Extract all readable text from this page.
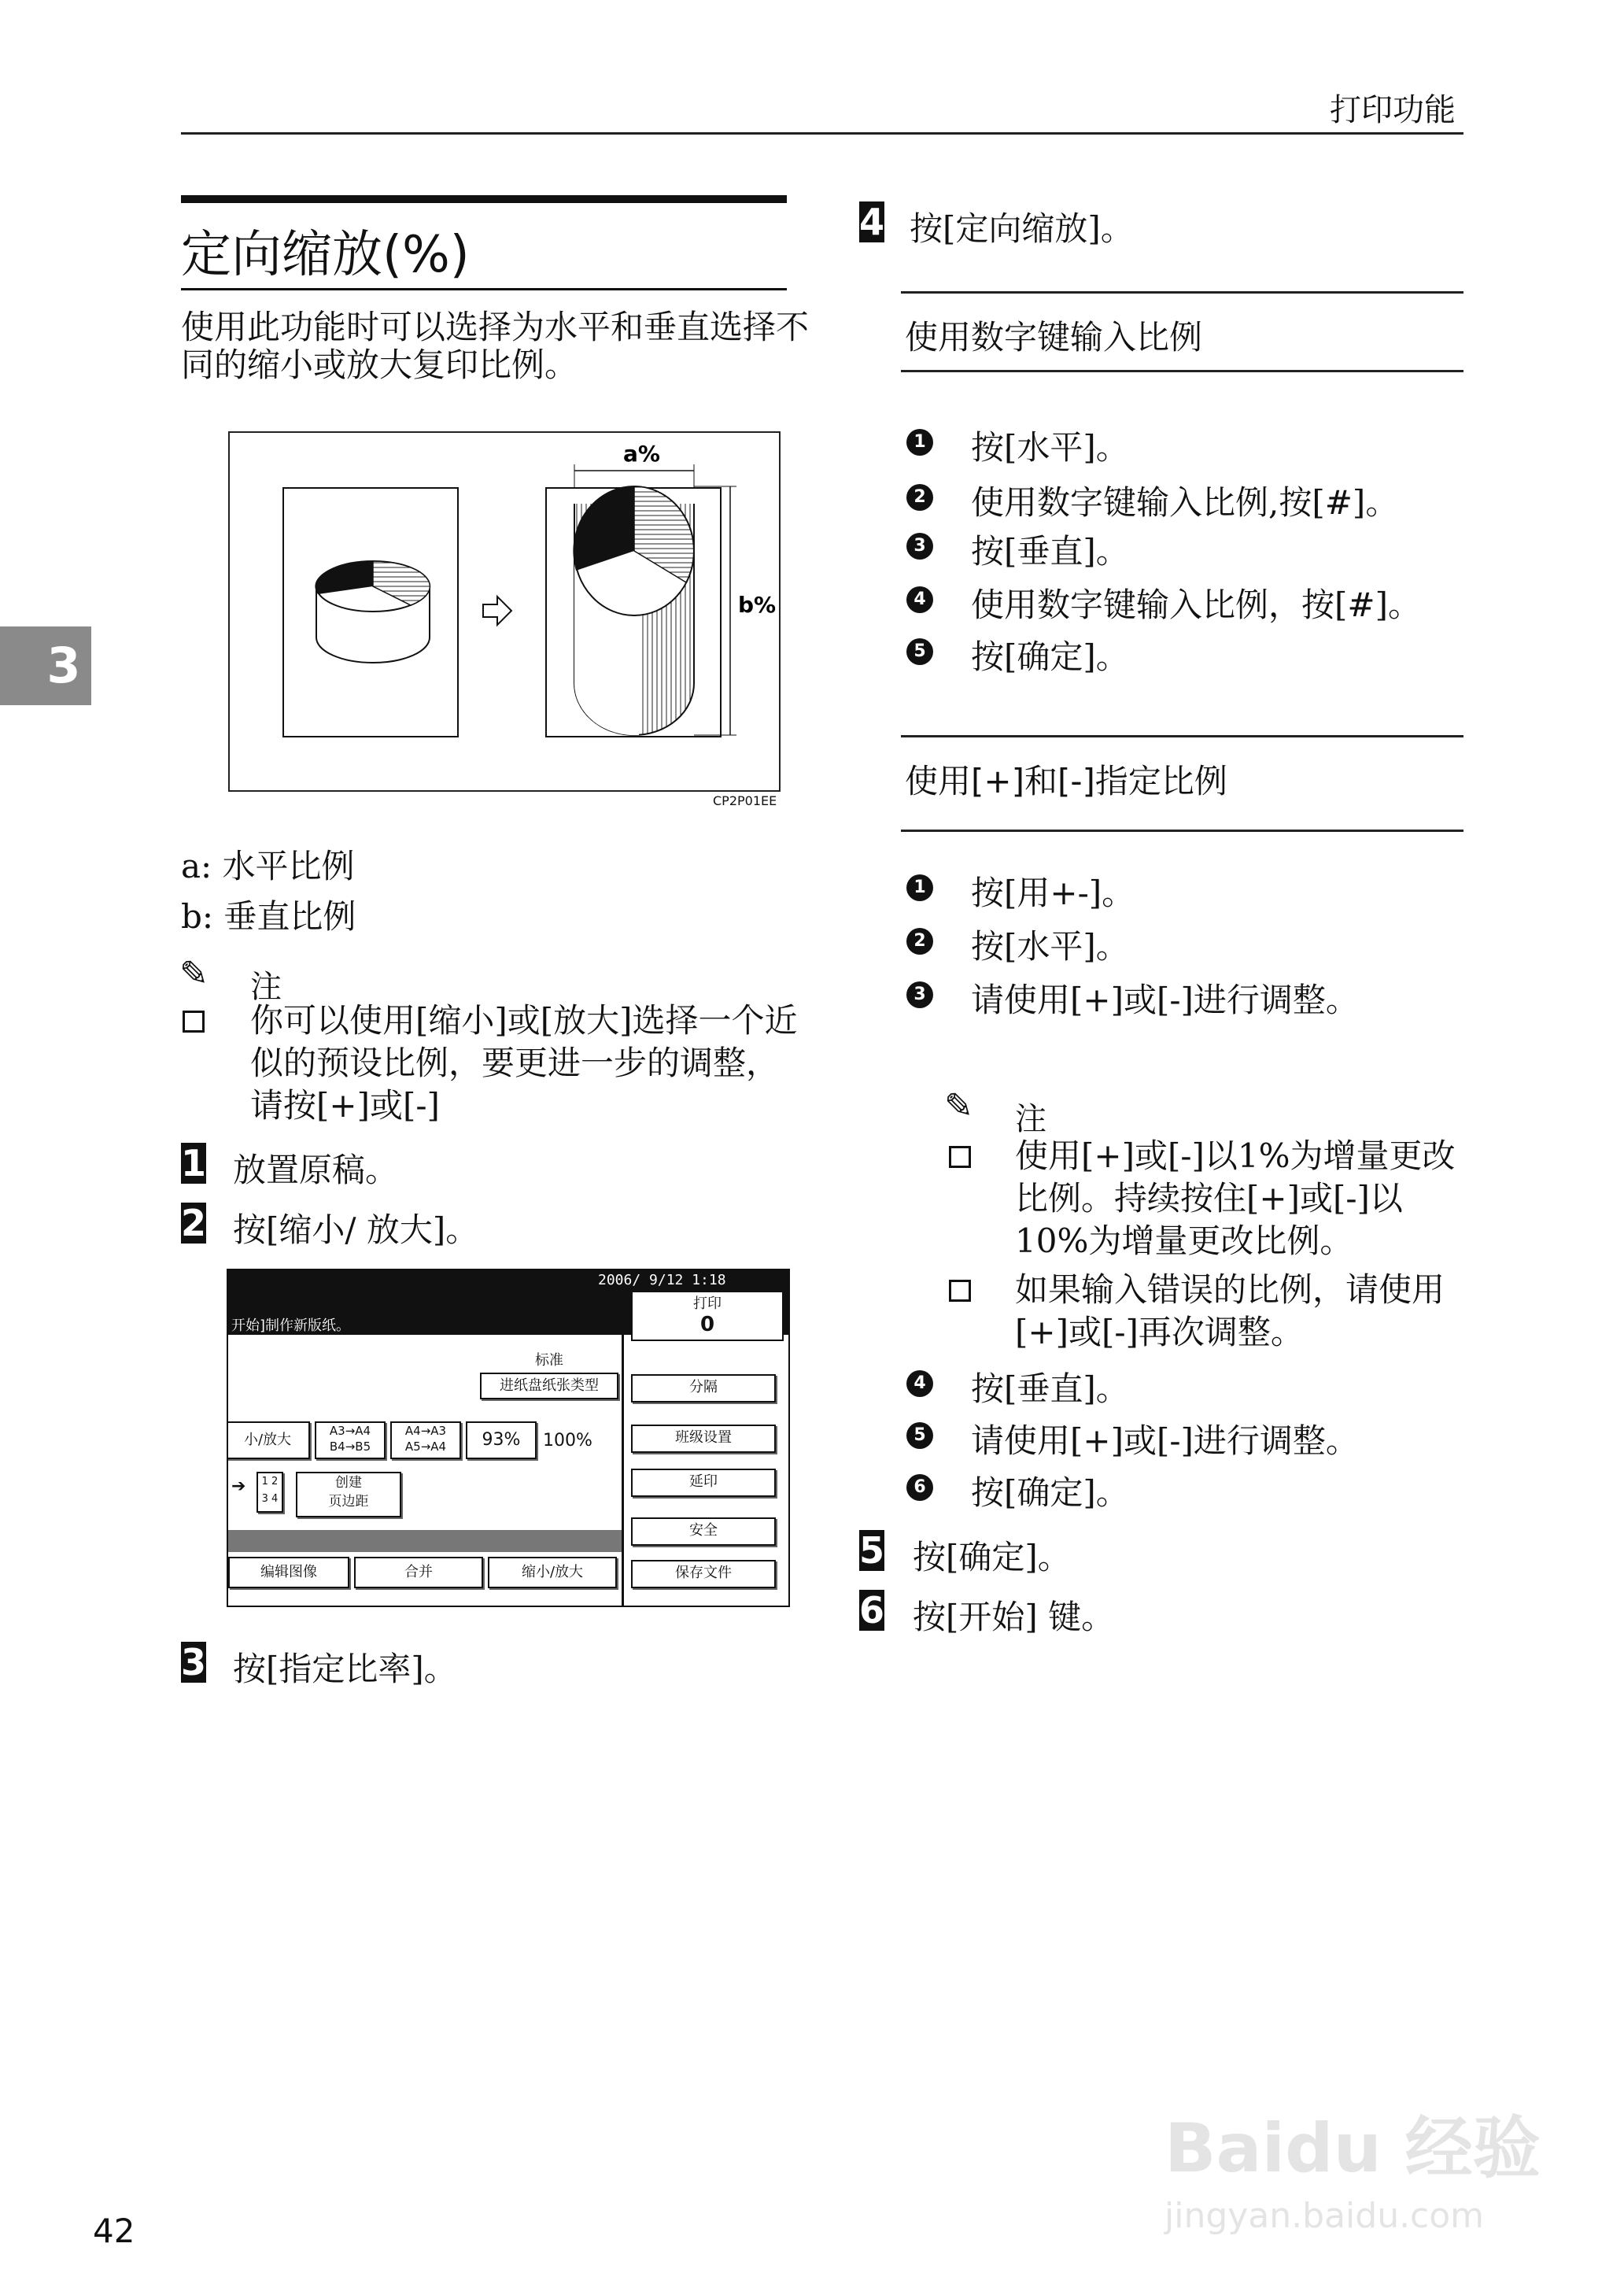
打印功能
3
定向缩放(%)
使用此功能时可以选择为水平和垂直选择不同的缩小或放大复印比例。
a%
b%
CP2P01EE
a: 水平比例
b: 垂直比例
✎ 注
你可以使用[缩小]或[放大]选择一个近似的预设比例，要更进一步的调整，请按[+]或[-]
1 放置原稿。
2 按[缩小/ 放大]。
2006/ 9/12 1:18
开始]制作新版纸。
打印
0
标准
进纸盘纸张类型	分隔
小/放大
A3→A4
B4→B5
A4→A3
A5→A4	93%	100%	班级设置
➔	1 2
3 4
创建
页边距
延印
安全
编辑图像	合并	缩小/放大	保存文件
3 按[指定比率]。
4 按[定向缩放]。
使用数字键输入比例
1 按[水平]。
2 使用数字键输入比例,按[#]。
3 按[垂直]。
4 使用数字键输入比例，按[#]。
5 按[确定]。
使用[+]和[-]指定比例
1 按[用+-]。
2 按[水平]。
3 请使用[+]或[-]进行调整。
✎ 注
使用[+]或[-]以1%为增量更改比例。持续按住[+]或[-]以10%为增量更改比例。
如果输入错误的比例，请使用[+]或[-]再次调整。
4 按[垂直]。
5 请使用[+]或[-]进行调整。
6 按[确定]。
5 按[确定]。
6 按[开始] 键。
42
Baidu 经验
jingyan.baidu.com
